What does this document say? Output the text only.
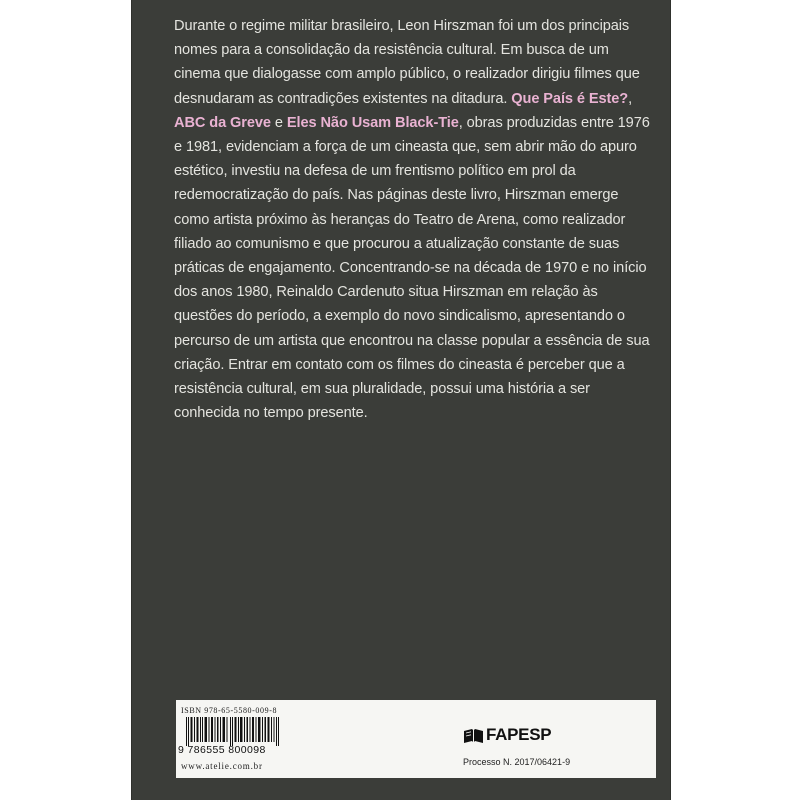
Durante o regime militar brasileiro, Leon Hirszman foi um dos principais nomes para a consolidação da resistência cultural. Em busca de um cinema que dialogasse com amplo público, o realizador dirigiu filmes que desnudaram as contradições existentes na ditadura. Que País é Este?, ABC da Greve e Eles Não Usam Black-Tie, obras produzidas entre 1976 e 1981, evidenciam a força de um cineasta que, sem abrir mão do apuro estético, investiu na defesa de um frentismo político em prol da redemocratização do país. Nas páginas deste livro, Hirszman emerge como artista próximo às heranças do Teatro de Arena, como realizador filiado ao comunismo e que procurou a atualização constante de suas práticas de engajamento. Concentrando-se na década de 1970 e no início dos anos 1980, Reinaldo Cardenuto situa Hirszman em relação às questões do período, a exemplo do novo sindicalismo, apresentando o percurso de um artista que encontrou na classe popular a essência de sua criação. Entrar em contato com os filmes do cineasta é perceber que a resistência cultural, em sua pluralidade, possui uma história a ser conhecida no tempo presente.

ISBN 978-65-5580-009-8
9 786555 800098
www.atelie.com.br
FAPESP
Processo N. 2017/06421-9
